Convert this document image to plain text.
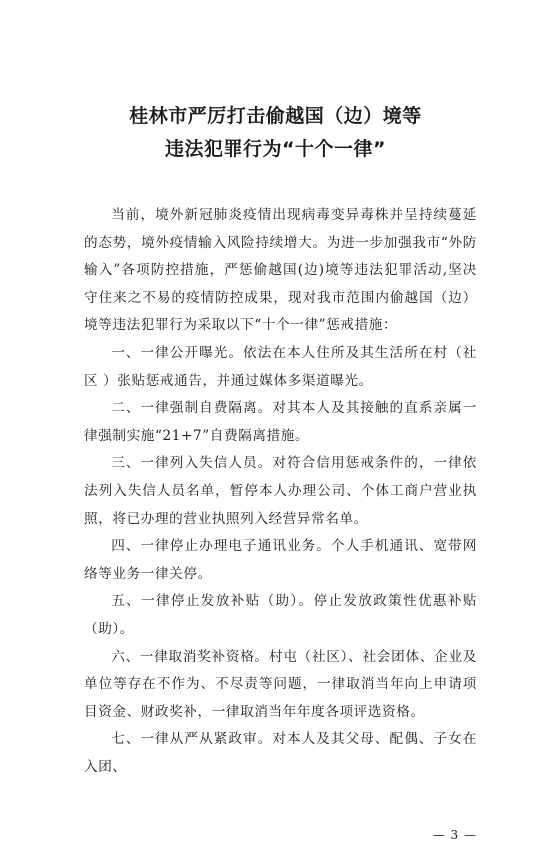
桂林市严厉打击偷越国（边）境等
违法犯罪行为“十个一律”

当前，境外新冠肺炎疫情出现病毒变异毒株并呈持续蔓延的态势，境外疫情输入风险持续增大。为进一步加强我市“外防输入”各项防控措施，严惩偷越国(边)境等违法犯罪活动,坚决守住来之不易的疫情防控成果，现对我市范围内偷越国（边）境等违法犯罪行为采取以下“十个一律”惩戒措施：

一、一律公开曝光。依法在本人住所及其生活所在村（社区 ）张贴惩戒通告，并通过媒体多渠道曝光。

二、一律强制自费隔离。对其本人及其接触的直系亲属一律强制实施“21+7”自费隔离措施。

三、一律列入失信人员。对符合信用惩戒条件的，一律依法列入失信人员名单，暂停本人办理公司、个体工商户营业执照，将已办理的营业执照列入经营异常名单。

四、一律停止办理电子通讯业务。个人手机通讯、宽带网络等业务一律关停。

五、一律停止发放补贴（助）。停止发放政策性优惠补贴（助）。

六、一律取消奖补资格。村屯（社区）、社会团体、企业及单位等存在不作为、不尽责等问题，一律取消当年向上申请项目资金、财政奖补，一律取消当年年度各项评选资格。

七、一律从严从紧政审。对本人及其父母、配偶、子女在入团、

— 3 —
